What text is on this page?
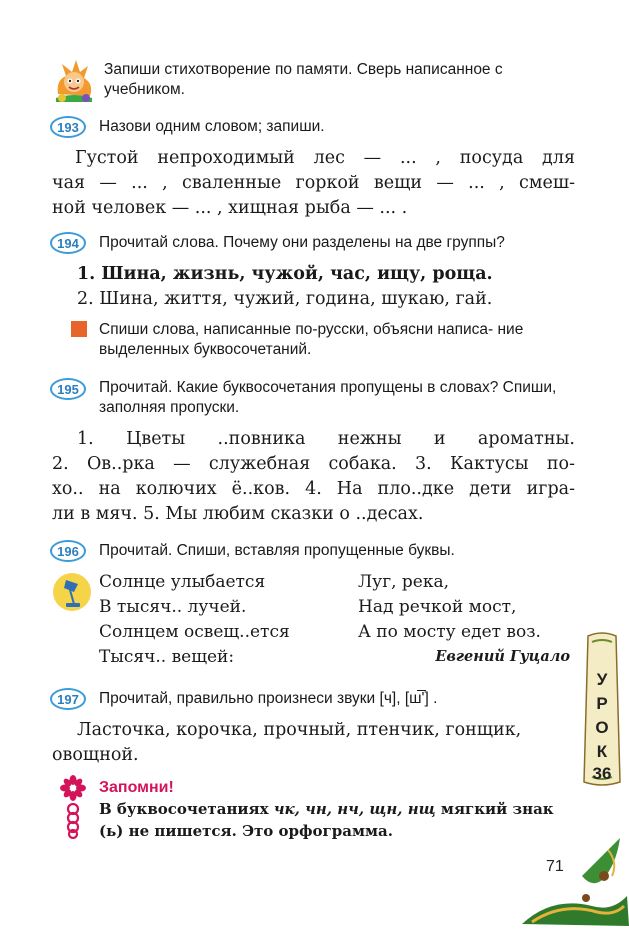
Запиши стихотворение по памяти. Сверь написанное с учебником.
193	Назови одним словом; запиши.
Густой непроходимый лес — ... , посуда для
чая — ... , сваленные горкой вещи — ... , смеш-
ной человек — ... , хищная рыба — ... .
194	Прочитай слова. Почему они разделены на две группы?
1. Шина, жизнь, чужой, час, ищу, роща.
2. Шина, життя, чужий, година, шукаю, гай.
Спиши слова, написанные по-русски, объясни написа- ние выделенных буквосочетаний.
195	Прочитай. Какие буквосочетания пропущены в словах? Спиши, заполняя пропуски.
1. Цветы ..повника нежны и ароматны.
2. Ов..рка — служебная собака. 3. Кактусы по-
хо.. на колючих ё..ков. 4. На пло..дке дети игра-
ли в мяч. 5. Мы любим сказки о ..десах.
196	Прочитай. Спиши, вставляя пропущенные буквы.
Солнце улыбается
В тысяч.. лучей.
Солнцем освещ..ется
Тысяч.. вещей:
Луг, река,
Над речкой мост,
А по мосту едет воз.
Евгений Гуцало
197	Прочитай, правильно произнеси звуки [ч], [ш̅'] .
Ласточка, корочка, прочный, птенчик, гонщик,
овощной.
У
Р
О
К
36
Запомни!
В буквосочетаниях чк, чн, нч, щн, нщ мягкий знак
(ь) не пишется. Это орфограмма.
71
